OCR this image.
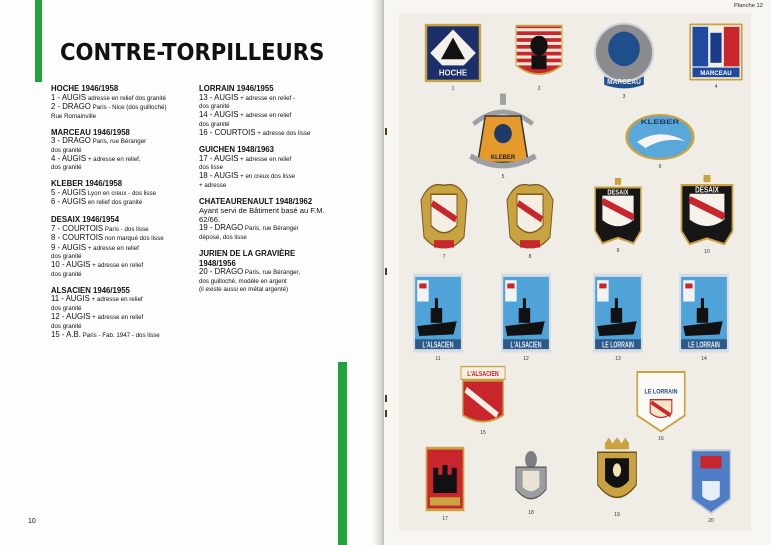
CONTRE-TORPILLEURS
HOCHE 1946/1958
1 - AUGIS adresse en relief dos granité
2 - DRAGO Paris - Nice (dos guilloché)
Rue Romainville
MARCEAU 1946/1958
3 - DRAGO Paris, rue Béranger
dos granité
4 - AUGIS + adresse en relief,
dos granité
KLEBER 1946/1958
5 - AUGIS Lyon en creux - dos lisse
6 - AUGIS en relief dos granité
DESAIX 1946/1954
7 - COURTOIS Paris - dos lisse
8 - COURTOIS non marqué dos lisse
9 - AUGIS + adresse en relief
dos granité
10 - AUGIS + adresse en relief
dos granité
ALSACIEN 1946/1955
11 - AUGIS + adresse en relief
dos granité
12 - AUGIS + adresse en relief
dos granité
15 - A.B. Paris - Fab. 1947 - dos lisse
LORRAIN 1946/1955
13 - AUGIS + adresse en relief -
dos granité
14 - AUGIS + adresse en relief
dos granité
16 - COURTOIS + adresse dos lisse
GUICHEN 1948/1963
17 - AUGIS + adresse en relief
dos lisse
18 - AUGIS + en creux dos lisse
+ adresse
CHATEAURENAULT 1948/1962
Ayant servi de Bâtiment basé au F.M.
62/66.
19 - DRAGO Paris, rue Béranger
déposé, dos lisse
JURIEN DE LA GRAVIÈRE 1948/1956
20 - DRAGO Paris, rue Béranger,
dos guilloché, modèle en argent
(il existe aussi en métal argenté)
10
Planche 12
HOCHE
1	2
MARCEAU
3
MARCEAU
4
KLEBER
5
KLEBER
6
7	8
DESAIX
9
DESAIX
10
L'ALSACIEN
11
L'ALSACIEN
12
LE LORRAIN
13
LE LORRAIN
14
L'ALSACIEN
15
LE LORRAIN
16
17
18	19
20
